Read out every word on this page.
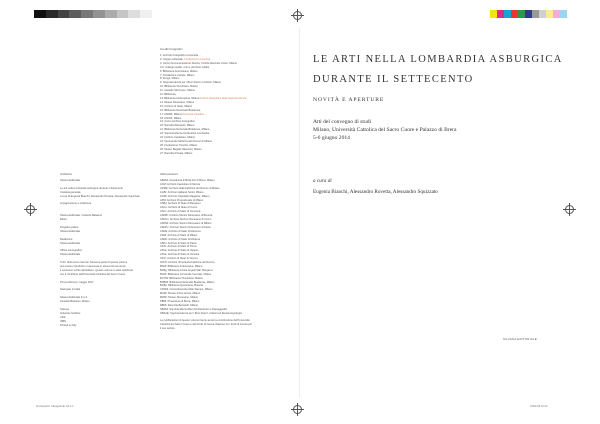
Crediti fotografici
1: Archivio Fotografico Università …
2: Gruppo editoriale, Fondazione Università …
3: Centro Documentazione Storica, Civiche Raccolte d'Arte, Milano
4-5: Collegio Gallio, Como (Archivio Gallio)
6: Biblioteca Ambrosiana, Milano
7: Fondazione Cariplo, Milano
8: Zurigo, Milano
9: Soprintendenza per i Beni Storici e Artistici, Milano
10: Biblioteca Trivulziana, Milano
11: Castello Sforzesco, Milano
12: Biblioteca,
13: Biblioteca Ambrosiana, MilanoArchivio fotografico della Soprintendenza …
14: Museo Diocesano, Milano
15: Archivio di Stato, Milano
16: Biblioteca Nazionale Braidense,
17: ASDMI, MilanoUniversità Cattolica …
18: ASCMi, Milano
19: Civico Archivio Fotografico
20: Raccolta Bertarelli, Milano
21: Biblioteca Nazionale Braidense, Milano
22: Soprintendenza Archivistica Lombardia
23: Archivio Capitolare, Milano
24: Veneranda Fabbrica del Duomo di Milano
25: Fondazione Trivulzio, Milano
26: Museo Bagatti Valsecchi, Milano
27: Raccolta Privata, Milano
Ciclistica
Silvana Editoriale

Le arti nella Lombardia asburgica durante il Settecento
Curatela generale
a cura di Eugenia Bianchi, Alessandro Rovetta, Alessandro Squizzato

Impaginazione e redazione

Silvana Editoriale, Cinisello Balsamo
Editor:

Progetto grafico
Silvana Editoriale

Redazione
Silvana Editoriale

Ufficio iconografico
Silvana Editoriale

Tutti i diritti sono riservati. Nessuna parte di questo volume
può essere riprodotta o trasmessa in alcuna forma senza
il consenso scritto dell'editore. Questo volume è stato realizzato
con il contributo dell'Università Cattolica del Sacro Cuore

Prima edizione: maggio 2017

Stampato in Italia

Silvana Editoriale S.p.A.
Cinisello Balsamo, Milano

Stampa
Industrie Grafiche
Città
ISBN
Printed in Italy
Abbreviazioni
ABAMi: Accademia di Belle Arti di Brera, Milano
ACM: Archivio Capitolare di Monza
AFSMi: Archivio della Fabbrica del Duomo di Milano
AGBr: Archivio Gallarati Scotti, Milano
AOMi: Archivio Ospedale Maggiore, Milano
APM: Archivio Prepositurale di Milano
ASBg: Archivio di Stato di Bergamo
ASCo: Archivio di Stato di Como
ASCr: Archivio di Stato di Cremona
ASDBr: Archivio Storico Diocesano di Brescia
ASDCo: Archivio Storico Diocesano di Como
ASDMi: Archivio Storico Diocesano di Milano
ASDPv: Archivio Storico Diocesano di Pavia
ASMa: Archivio di Stato di Mantova
ASMi: Archivio di Stato di Milano
ASMo: Archivio di Stato di Modena
ASPv: Archivio di Stato di Pavia
ASTo: Archivio di Stato di Torino
ASVa: Archivio di Stato di Varese
ASVe: Archivio di Stato di Venezia
ASVr: Archivio di Stato di Verona
AVFD: Archivio Veneranda Fabbrica del Duomo
BAMi: Biblioteca Ambrosiana, Milano
BCBg: Biblioteca Civica Angelo Mai, Bergamo
BCMi: Biblioteca Comunale Centrale, Milano
BCTMi: Biblioteca Trivulziana, Milano
BNBMi: Biblioteca Nazionale Braidense, Milano
BQBs: Biblioteca Queriniana, Brescia
CRSMi: Civica Raccolta delle Stampe, Milano
MAMi: Museo d'Arte Antica, Milano
MDMi: Museo Diocesano, Milano
PBMi: Pinacoteca di Brera, Milano
RBMi: Raccolta Bertarelli, Milano
SBAMi: Soprintendenza Beni Architettonici e Paesaggistici
SBSAE: Soprintendenza per i Beni Storici, Artistici ed Etnoantropologici
Le pubblicazioni di questo volume hanno avuto la contribuzione dell'Università
Cattolica del Sacro Cuore e del fondo di ricerca d'ateneo tra i fondi di ricerca per
il suo settore.
LE ARTI NELLA LOMBARDIA ASBURGICA
DURANTE IL SETTECENTO
NOVITÀ E APERTURE
Atti del convegno di studi
Milano, Università Cattolica del Sacro Cuore e Palazzo di Brera
5-6 giugno 2014
a cura di
Eugenia Bianchi, Alessandro Rovetta, Alessandro Squizzato
SILVANA EDITORIALE
Frontespizio Casagrande Ok 1-4	10/01/18 16:22
